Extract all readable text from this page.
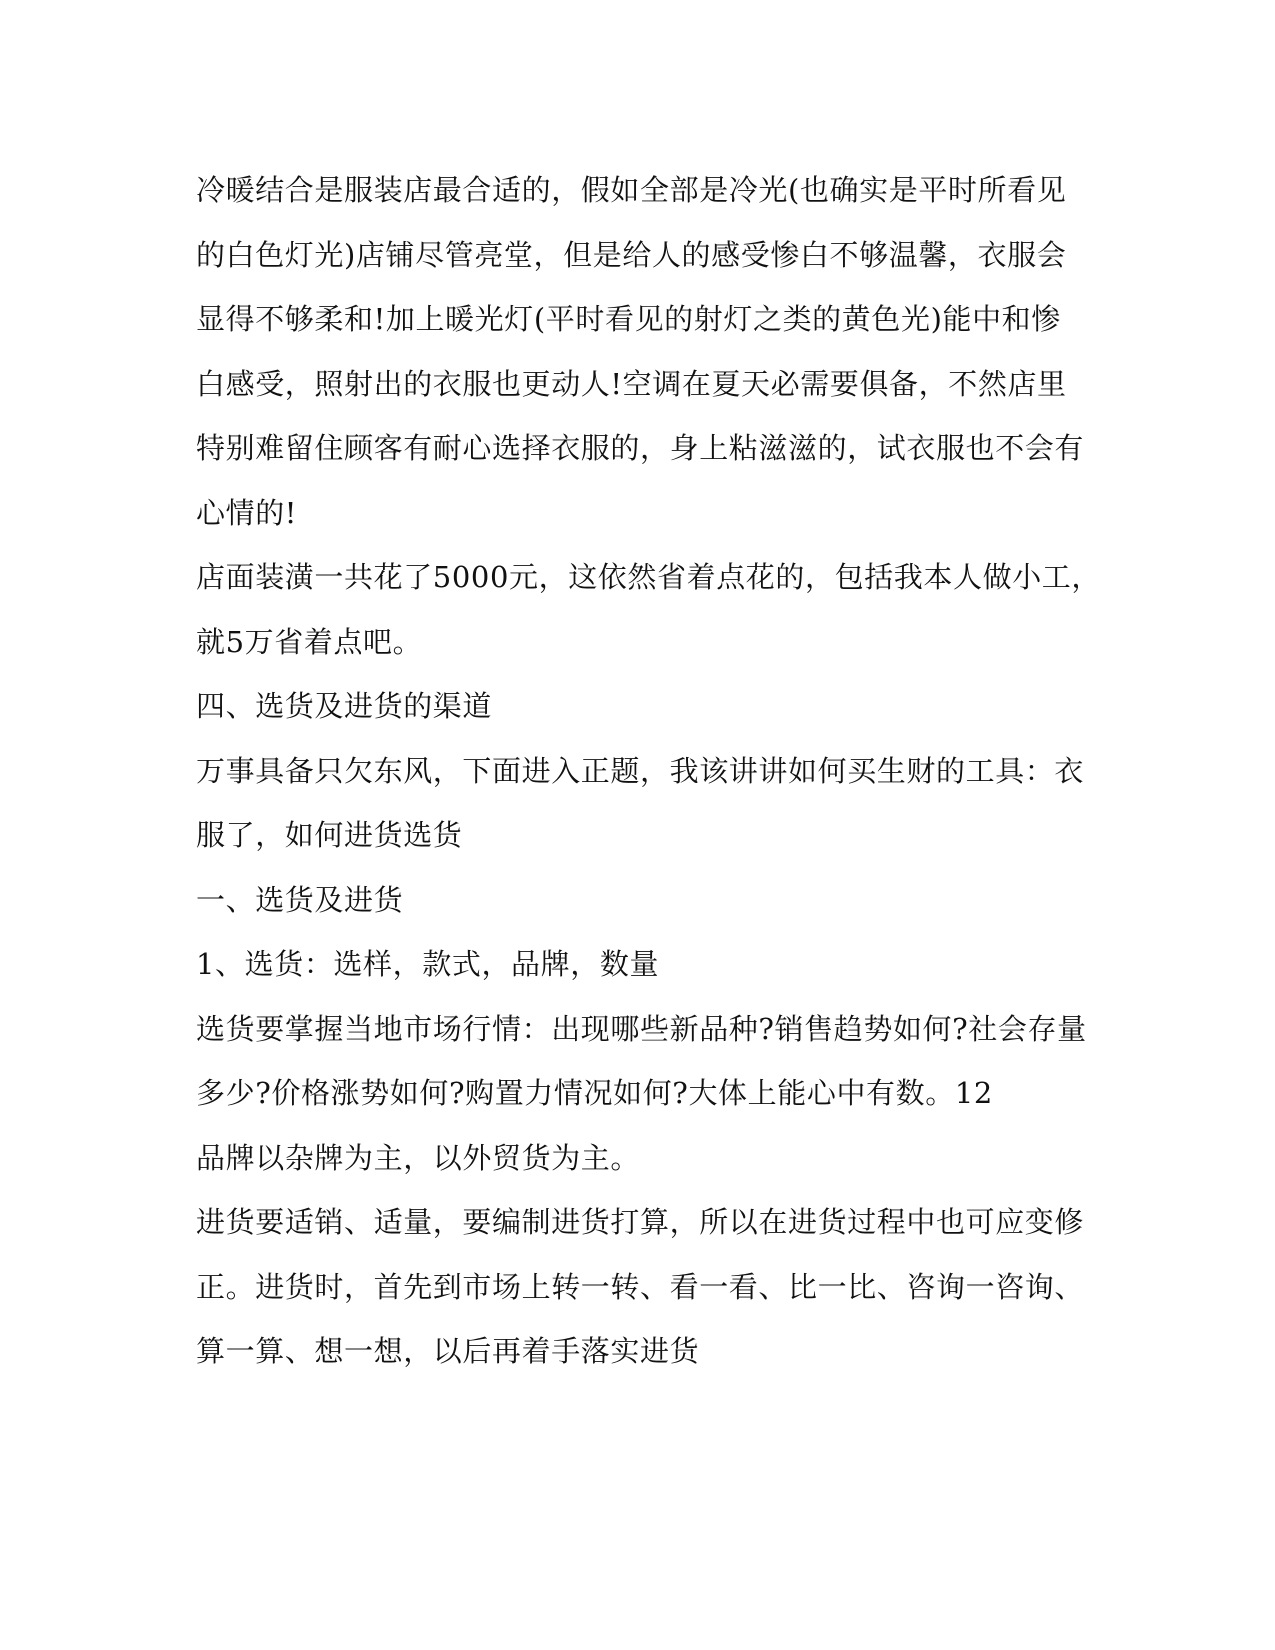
冷暖结合是服装店最合适的，假如全部是冷光(也确实是平时所看见
的白色灯光)店铺尽管亮堂，但是给人的感受惨白不够温馨，衣服会
显得不够柔和!加上暖光灯(平时看见的射灯之类的黄色光)能中和惨
白感受，照射出的衣服也更动人!空调在夏天必需要俱备，不然店里
特别难留住顾客有耐心选择衣服的，身上粘滋滋的，试衣服也不会有
心情的!
店面装潢一共花了5000元，这依然省着点花的，包括我本人做小工，
就5万省着点吧。
四、选货及进货的渠道
万事具备只欠东风，下面进入正题，我该讲讲如何买生财的工具：衣
服了，如何进货选货
一、选货及进货
1、选货：选样，款式，品牌，数量
选货要掌握当地市场行情：出现哪些新品种?销售趋势如何?社会存量
多少?价格涨势如何?购置力情况如何?大体上能心中有数。12
品牌以杂牌为主，以外贸货为主。
进货要适销、适量，要编制进货打算，所以在进货过程中也可应变修
正。进货时，首先到市场上转一转、看一看、比一比、咨询一咨询、
算一算、想一想，以后再着手落实进货
